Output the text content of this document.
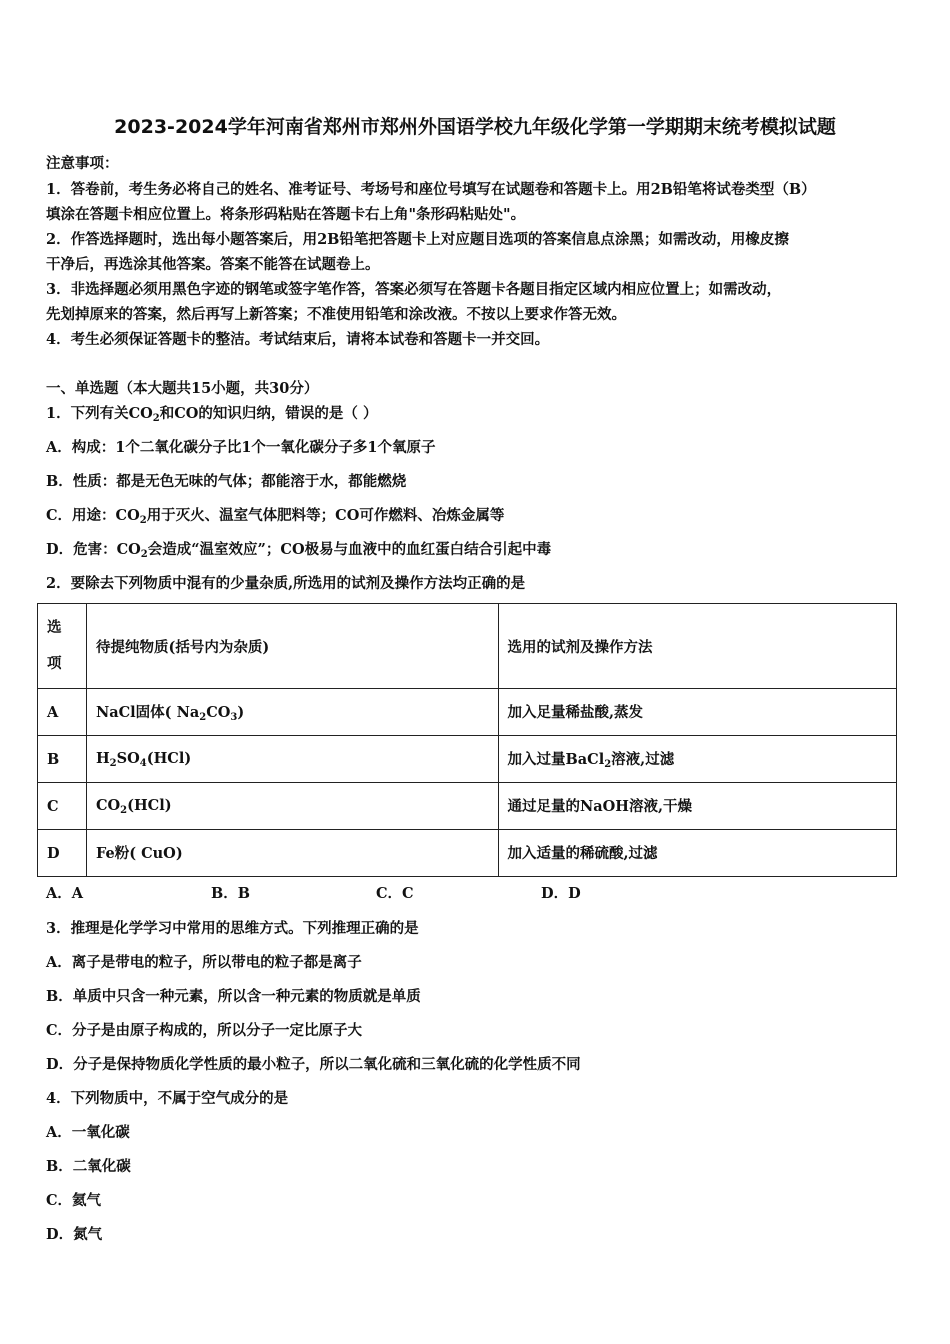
2023-2024学年河南省郑州市郑州外国语学校九年级化学第一学期期末统考模拟试题
注意事项：
1．答卷前，考生务必将自己的姓名、准考证号、考场号和座位号填写在试题卷和答题卡上。用2B铅笔将试卷类型（B）
填涂在答题卡相应位置上。将条形码粘贴在答题卡右上角"条形码粘贴处"。
2．作答选择题时，选出每小题答案后，用2B铅笔把答题卡上对应题目选项的答案信息点涂黑；如需改动，用橡皮擦
干净后，再选涂其他答案。答案不能答在试题卷上。
3．非选择题必须用黑色字迹的钢笔或签字笔作答，答案必须写在答题卡各题目指定区域内相应位置上；如需改动，
先划掉原来的答案，然后再写上新答案；不准使用铅笔和涂改液。不按以上要求作答无效。
4．考生必须保证答题卡的整洁。考试结束后，请将本试卷和答题卡一并交回。
一、单选题（本大题共15小题，共30分）
1．下列有关$CO_2$和CO的知识归纳，错误的是（ ）
A．构成：1个二氧化碳分子比1个一氧化碳分子多1个氧原子
B．性质：都是无色无味的气体；都能溶于水，都能燃烧
C．用途：$CO_2$用于灭火、温室气体肥料等；CO可作燃料、冶炼金属等
D．危害：$CO_2$会造成“温室效应”；CO极易与血液中的血红蛋白结合引起中毒
2．要除去下列物质中混有的少量杂质,所选用的试剂及操作方法均正确的是
选
项	待提纯物质(括号内为杂质)	选用的试剂及操作方法
A	NaCl固体( $Na_2CO_3$)	加入足量稀盐酸,蒸发
B	$H_2SO_4(HCl)$	加入过量BaCl$_2$溶液,过滤
C	$CO_2(HCl)$	通过足量的NaOH溶液,干燥
D	Fe粉( CuO)	加入适量的稀硫酸,过滤
A．A	B．B	C．C	D．D
3．推理是化学学习中常用的思维方式。下列推理正确的是
A．离子是带电的粒子，所以带电的粒子都是离子
B．单质中只含一种元素，所以含一种元素的物质就是单质
C．分子是由原子构成的，所以分子一定比原子大
D．分子是保持物质化学性质的最小粒子，所以二氧化硫和三氧化硫的化学性质不同
4．下列物质中，不属于空气成分的是
A．一氧化碳
B．二氧化碳
C．氦气
D．氮气
